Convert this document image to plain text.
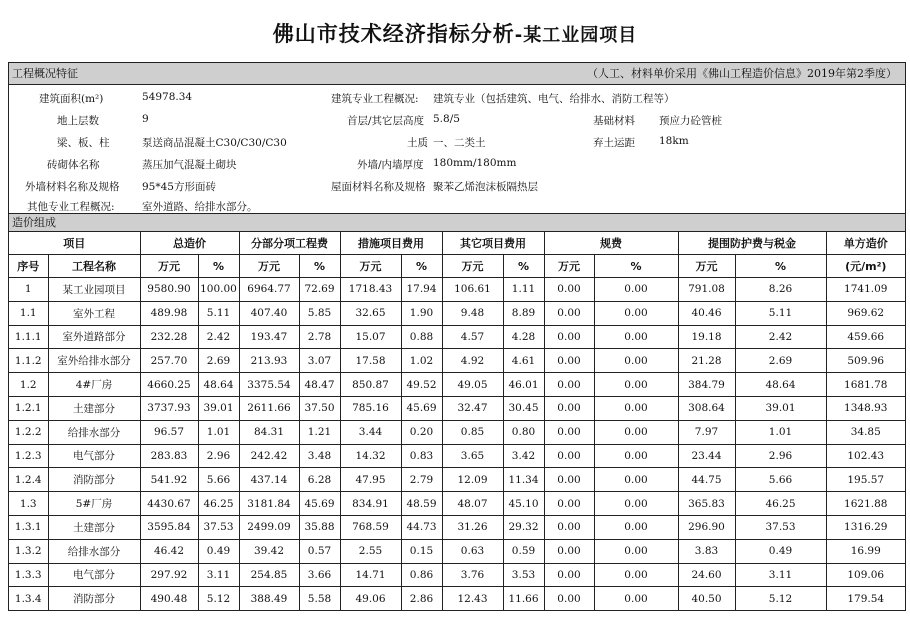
佛山市技术经济指标分析-某工业园项目
工程概况特征	（人工、材料单价采用《佛山工程造价信息》2019年第2季度）
建筑面积(m²)	54978.34
地上层数	9
梁、板、柱	泵送商品混凝土C30/C30/C30
砖砌体名称	蒸压加气混凝土砌块
外墙材料名称及规格 95*45方形面砖
其他专业工程概况:	室外道路、给排水部分。
建筑专业工程概况: 建筑专业（包括建筑、电气、给排水、消防工程等）
首层/其它层高度 5.8/5
土质 一、二类土
外墙/内墙厚度 180mm/180mm
屋面材料名称及规格 聚苯乙烯泡沫板隔热层
基础材料 预应力砼管桩
弃土运距 18km
造价组成
项目		总造价		分部分项工程费		措施项目费用		其它项目费用		规费		提围防护费与税金		单方造价
序号	工程名称	万元	%	万元	%	万元	%	万元	%	万元	%	万元	%	(元/m²)
1	某工业园项目	9580.90	100.00	6964.77	72.69	1718.43	17.94	106.61	1.11	0.00	0.00	791.08	8.26	1741.09
1.1	室外工程	489.98	5.11	407.40	5.85	32.65	1.90	9.48	8.89	0.00	0.00	40.46	5.11	969.62
1.1.1	室外道路部分	232.28	2.42	193.47	2.78	15.07	0.88	4.57	4.28	0.00	0.00	19.18	2.42	459.66
1.1.2	室外给排水部分	257.70	2.69	213.93	3.07	17.58	1.02	4.92	4.61	0.00	0.00	21.28	2.69	509.96
1.2	4#厂房	4660.25	48.64	3375.54	48.47	850.87	49.52	49.05	46.01	0.00	0.00	384.79	48.64	1681.78
1.2.1	土建部分	3737.93	39.01	2611.66	37.50	785.16	45.69	32.47	30.45	0.00	0.00	308.64	39.01	1348.93
1.2.2	给排水部分	96.57	1.01	84.31	1.21	3.44	0.20	0.85	0.80	0.00	0.00	7.97	1.01	34.85
1.2.3	电气部分	283.83	2.96	242.42	3.48	14.32	0.83	3.65	3.42	0.00	0.00	23.44	2.96	102.43
1.2.4	消防部分	541.92	5.66	437.14	6.28	47.95	2.79	12.09	11.34	0.00	0.00	44.75	5.66	195.57
1.3	5#厂房	4430.67	46.25	3181.84	45.69	834.91	48.59	48.07	45.10	0.00	0.00	365.83	46.25	1621.88
1.3.1	土建部分	3595.84	37.53	2499.09	35.88	768.59	44.73	31.26	29.32	0.00	0.00	296.90	37.53	1316.29
1.3.2	给排水部分	46.42	0.49	39.42	0.57	2.55	0.15	0.63	0.59	0.00	0.00	3.83	0.49	16.99
1.3.3	电气部分	297.92	3.11	254.85	3.66	14.71	0.86	3.76	3.53	0.00	0.00	24.60	3.11	109.06
1.3.4	消防部分	490.48	5.12	388.49	5.58	49.06	2.86	12.43	11.66	0.00	0.00	40.50	5.12	179.54
